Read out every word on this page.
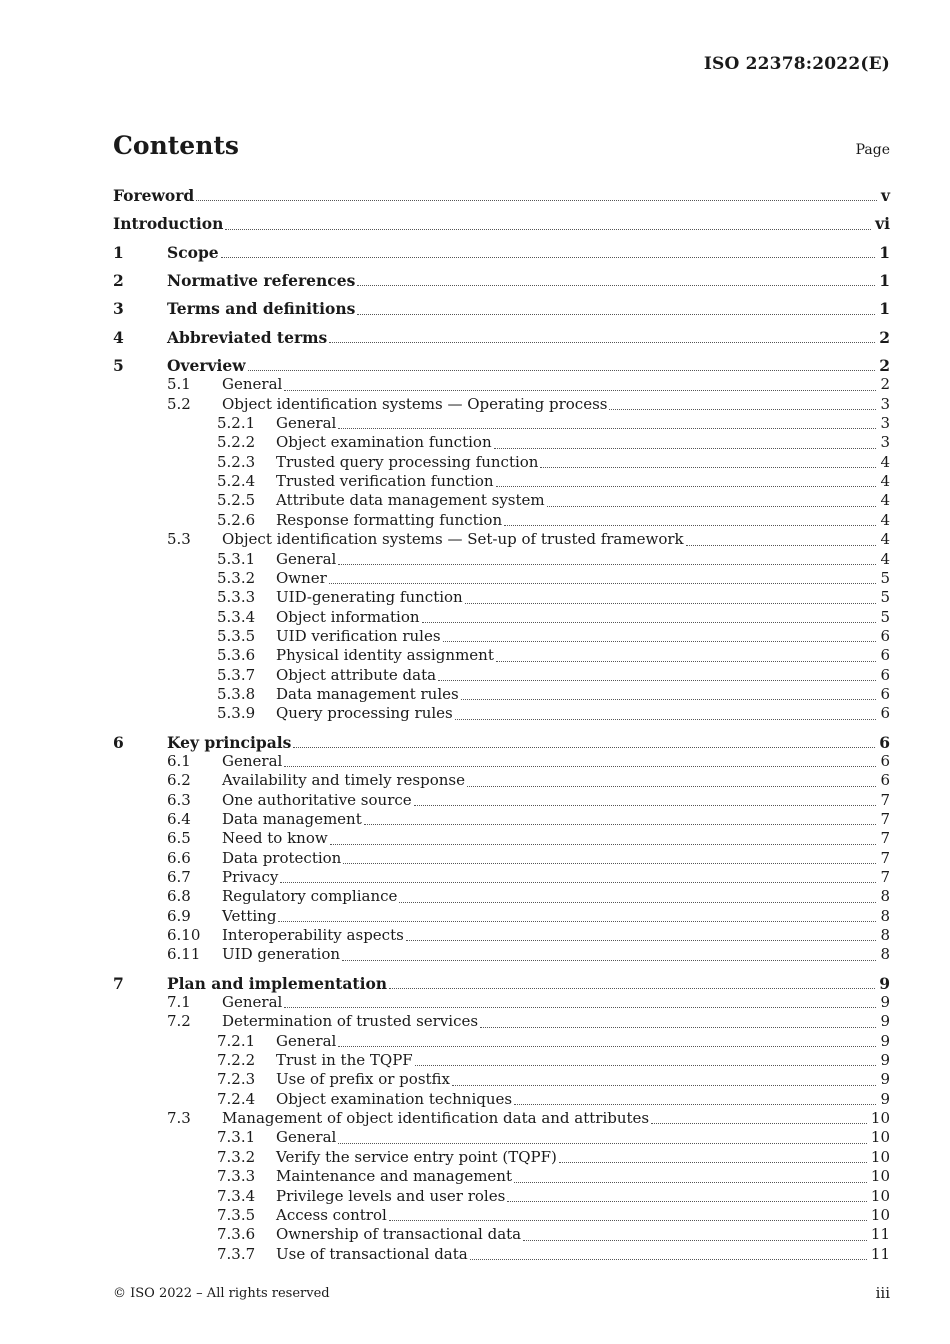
ISO 22378:2022(E)
Contents	Page
Foreword	v
Introduction	vi
1	Scope	1
2	Normative references	1
3	Terms and definitions	1
4	Abbreviated terms	2
5	Overview	2
5.1 General	2
5.2 Object identification systems — Operating process	3
5.2.1 General	3
5.2.2 Object examination function	3
5.2.3 Trusted query processing function	4
5.2.4 Trusted verification function	4
5.2.5 Attribute data management system	4
5.2.6 Response formatting function	4
5.3 Object identification systems — Set-up of trusted framework	4
5.3.1 General	4
5.3.2 Owner	5
5.3.3 UID-generating function	5
5.3.4 Object information	5
5.3.5 UID verification rules	6
5.3.6 Physical identity assignment	6
5.3.7 Object attribute data	6
5.3.8 Data management rules	6
5.3.9 Query processing rules	6
6	Key principals	6
6.1 General	6
6.2 Availability and timely response	6
6.3 One authoritative source	7
6.4 Data management	7
6.5 Need to know	7
6.6 Data protection	7
6.7 Privacy	7
6.8 Regulatory compliance	8
6.9 Vetting	8
6.10 Interoperability aspects	8
6.11 UID generation	8
7	Plan and implementation	9
7.1 General	9
7.2 Determination of trusted services	9
7.2.1 General	9
7.2.2 Trust in the TQPF	9
7.2.3 Use of prefix or postfix	9
7.2.4 Object examination techniques	9
7.3 Management of object identification data and attributes	10
7.3.1 General	10
7.3.2 Verify the service entry point (TQPF)	10
7.3.3 Maintenance and management	10
7.3.4 Privilege levels and user roles	10
7.3.5 Access control	10
7.3.6 Ownership of transactional data	11
7.3.7 Use of transactional data	11
© ISO 2022 – All rights reserved	iii
